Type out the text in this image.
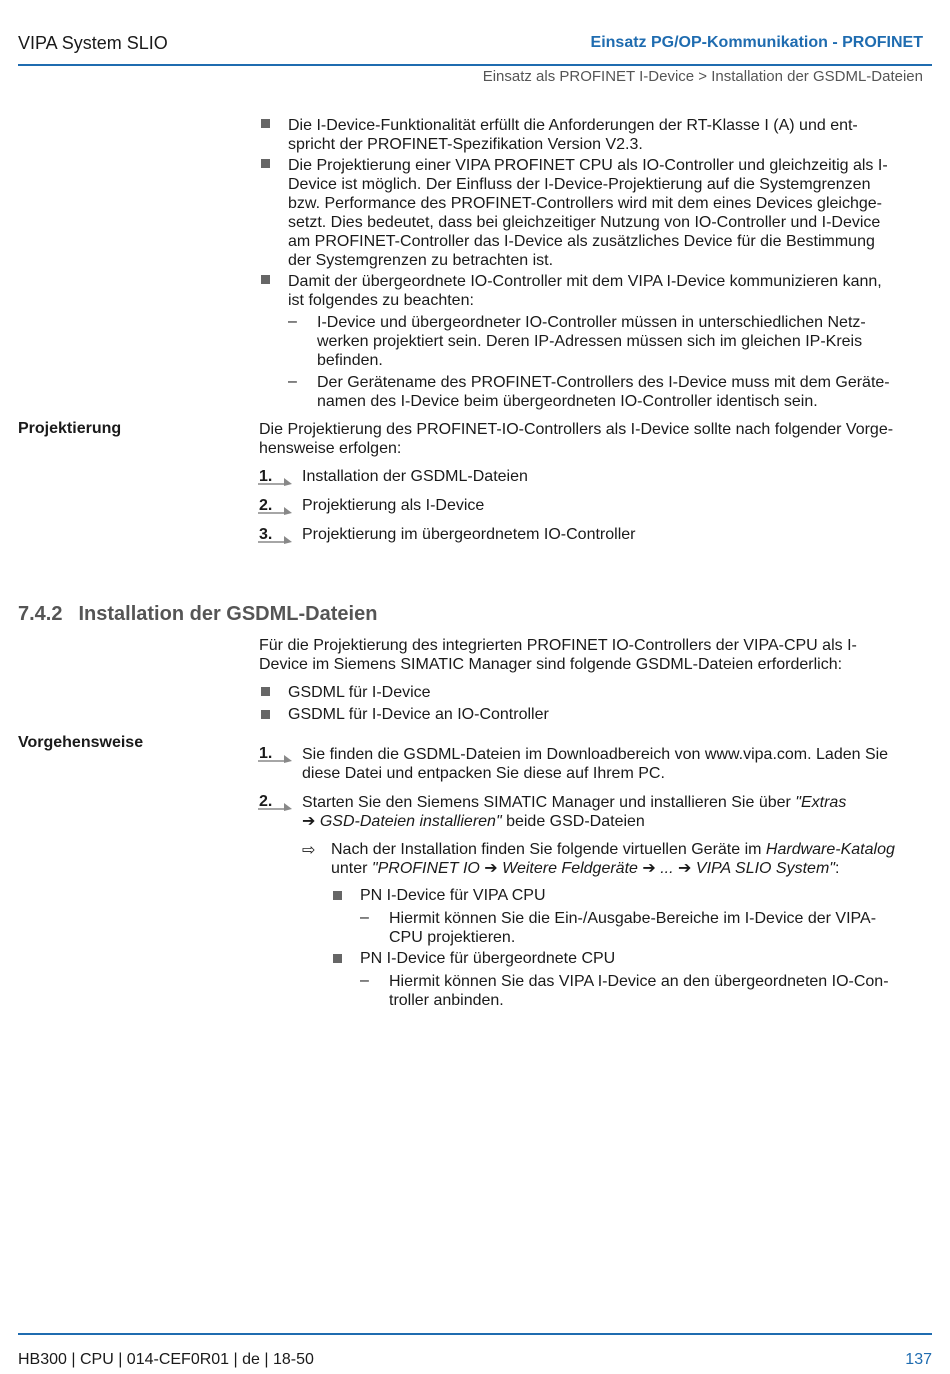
VIPA System SLIO	Einsatz PG/OP-Kommunikation - PROFINET
Einsatz als PROFINET I-Device > Installation der GSDML-Dateien
Die I-Device-Funktionalität erfüllt die Anforderungen der RT-Klasse I (A) und ent-
spricht der PROFINET-Spezifikation Version V2.3.
Die Projektierung einer VIPA PROFINET CPU als IO-Controller und gleichzeitig als I-
Device ist möglich. Der Einfluss der I-Device-Projektierung auf die Systemgrenzen
bzw. Performance des PROFINET-Controllers wird mit dem eines Devices gleichge-
setzt. Dies bedeutet, dass bei gleichzeitiger Nutzung von IO-Controller und I-Device
am PROFINET-Controller das I-Device als zusätzliches Device für die Bestimmung
der Systemgrenzen zu betrachten ist.
Damit der übergeordnete IO-Controller mit dem VIPA I-Device kommunizieren kann,
ist folgendes zu beachten:
– I-Device und übergeordneter IO-Controller müssen in unterschiedlichen Netz-
werken projektiert sein. Deren IP-Adressen müssen sich im gleichen IP-Kreis
befinden.
– Der Gerätename des PROFINET-Controllers des I-Device muss mit dem Geräte-
namen des I-Device beim übergeordneten IO-Controller identisch sein.
Projektierung	Die Projektierung des PROFINET-IO-Controllers als I-Device sollte nach folgender Vorge-
hensweise erfolgen:
1. Installation der GSDML-Dateien
2. Projektierung als I-Device
3. Projektierung im übergeordnetem IO-Controller
7.4.2 Installation der GSDML-Dateien
Für die Projektierung des integrierten PROFINET IO-Controllers der VIPA-CPU als I-
Device im Siemens SIMATIC Manager sind folgende GSDML-Dateien erforderlich:
GSDML für I-Device
GSDML für I-Device an IO-Controller
Vorgehensweise
1. Sie finden die GSDML-Dateien im Downloadbereich von www.vipa.com. Laden Sie
diese Datei und entpacken Sie diese auf Ihrem PC.
2. Starten Sie den Siemens SIMATIC Manager und installieren Sie über "Extras
➔ GSD-Dateien installieren" beide GSD-Dateien
⇨ Nach der Installation finden Sie folgende virtuellen Geräte im Hardware-Katalog
unter "PROFINET IO ➔ Weitere Feldgeräte ➔ ... ➔ VIPA SLIO System":
PN I-Device für VIPA CPU
– Hiermit können Sie die Ein-/Ausgabe-Bereiche im I-Device der VIPA-
CPU projektieren.
PN I-Device für übergeordnete CPU
– Hiermit können Sie das VIPA I-Device an den übergeordneten IO-Con-
troller anbinden.
HB300 | CPU | 014-CEF0R01 | de | 18-50	137
